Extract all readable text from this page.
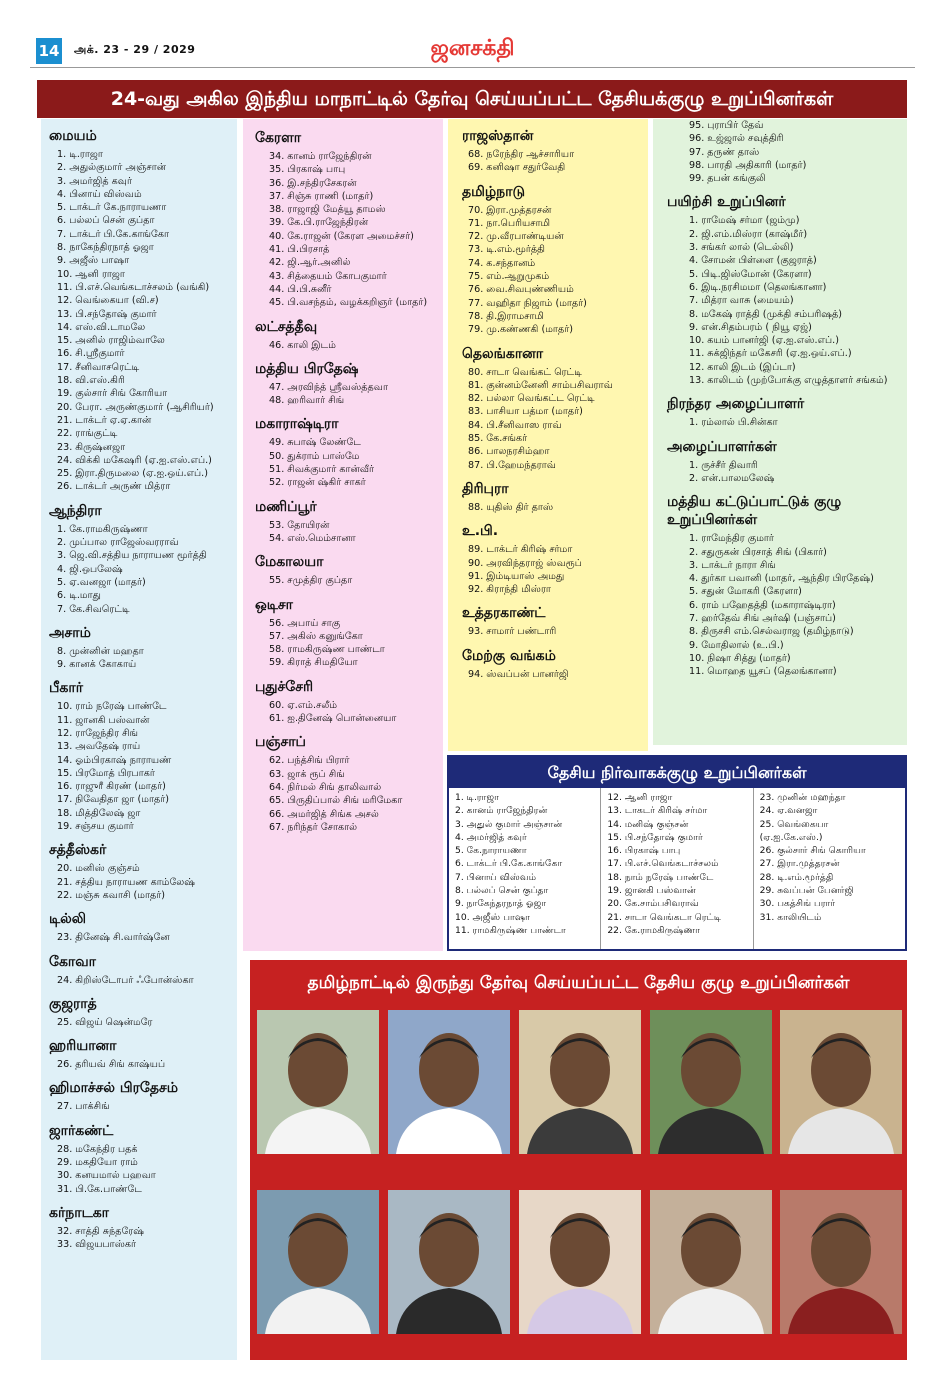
14 அக். 23 - 29 / 2029	ஜனசக்தி
24-வது அகில இந்திய மாநாட்டில் தேர்வு செய்யப்பட்ட தேசியக்குழு உறுப்பினர்கள்
மையம்
1. டி.ராஜா
2. அதுல்குமார் அஞ்சான்
3. அமர்ஜித் கவுர்
4. பினாய் விஸ்வம்
5. டாக்டர் கே.நாராயணா
6. பல்லப் சென் குப்தா
7. டாக்டர் பி.கே.காங்கோ
8. நாகேந்திரநாத் ஓஜா
9. அஜீஸ் பாஷா
10. ஆனி ராஜா
11. பி.எச்.வெங்கடாச்சலம் (வங்கி)
12. வெங்கையா (வி.ச)
13. பி.சந்தோஷ் குமார்
14. எஸ்.வி.டாமலே
15. அனில் ராஜிம்வாலே
16. சி.ஸ்ரீகுமார்
17. சீனிவாசரெட்டி
18. வி.எஸ்.கிரி
19. குல்சார் சிங் கோரியா
20. பேரா. அருண்குமார் (ஆசிரியர்)
21. டாக்டர் ஏ.ஏ.கான்
22. ராங்குட்டி
23. கிருஷ்னஜா
24. விக்கி மகேஷரி (ஏ.ஐ.எஸ்.எப்.)
25. இரா.திருமலை (ஏ.ஐ.ஒய்.எப்.)
26. டாக்டர் அருண் மித்ரா
ஆந்திரா
1. கே.ராமகிருஷ்ணா
2. முப்பால ராஜேஸ்வரராவ்
3. ஜெ.வி.சத்திய நாராயண மூர்த்தி
4. ஜி.ஒபலேஷ்
5. ஏ.வனஜா (மாதர்)
6. டி.மாது
7. கே.சிவரெட்டி
அசாம்
8. முன்னின் மஹதா
9. கானக் கோகாய்
பீகார்
10. ராம் நரேஷ் பாண்டே
11. ஜானகி பஸ்வான்
12. ராஜேந்திர சிங்
13. அவதேஷ் ராய்
14. ஓம்பிரகாஷ் நாராயண்
15. பிரமோத் பிரபாகர்
16. ராஜுரீ கிரண் (மாதர்)
17. நிவேதிதா ஜா (மாதர்)
18. மித்திலேஷ் ஜா
19. சஞ்சய குமார்
சத்தீஸ்கர்
20. மனிஸ் குஞ்சம்
21. சத்திய நாராயண காம்லேஷ்
22. மஞ்சு கவாசி (மாதர்)
டில்லி
23. தினேஷ் சி.வார்ஷ்னே
கோவா
24. கிறிஸ்டோபர் ஃபோன்ஸ்கா
குஜராத்
25. விஜய் ஷென்மரே
ஹரியானா
26. தரியவ் சிங் காஷ்யப்
ஹிமாச்சல் பிரதேசம்
27. பாக்சிங்
ஜார்கண்ட்
28. மகேந்திர பதக்
29. மகதியோ ராம்
30. கனயமால் பஹவா
31. பி.கே.பாண்டே
கர்நாடகா
32. சாத்தி சுந்தரேஷ்
33. விஜயபாஸ்கர்
கேரளா
34. கானம் ராஜேந்திரன்
35. பிரகாஷ் பாபு
36. இ.சந்திரசேகரன்
37. சிஞ்சு ராணி (மாதர்)
38. ராஜாஜி மேத்யூ தாமஸ்
39. கே.பி.ராஜேந்திரன்
40. கே.ராஜன் (கேரள அமைச்சர்)
41. பி.பிரசாத்
42. ஜி.ஆர்.அனில்
43. சித்தையம் கோபகுமார்
44. பி.பி.சுனீர்
45. பி.வசந்தம், வழக்கறிஞர் (மாதர்)
லட்சத்தீவு
46. காலி இடம்
மத்திய பிரதேஷ்
47. அரவிந்த் ஸ்ரீவஸ்த்தவா
48. ஹரிவார் சிங்
மகாராஷ்டிரா
49. சுபாஷ் லேண்டே
50. துக்ராம் பாஸ்மே
51. சிவக்குமார் கான்வீர்
52. ராஜன் ஷ்கிர் சாகர்
மணிப்பூர்
53. தோயிரன்
54. எஸ்.மெம்சானா
மேகாலயா
55. சமுத்திர குப்தா
ஒடிசா
56. அபாய் சாகு
57. அகிஸ் கனுங்கோ
58. ராமகிருஷ்ண பாண்டா
59. கிராத் சிமதியோ
புதுச்சேரி
60. ஏ.எம்.சலீம்
61. ஐ.தினேஷ் பொன்னையா
பஞ்சாப்
62. பந்த்சிங் பிரார்
63. ஜாக் ரூப் சிங்
64. நிர்மல் சிங் தாலிவால்
65. பிருதிப்பால் சிங் மரிமேகா
66. அமர்ஜித் சிங்க அசல்
67. நரிந்தர் சோகால்
ராஜஸ்தான்
68. நரேந்திர ஆச்சாரியா
69. கனிஷா சதுர்வேதி
தமிழ்நாடு
70. இரா.முத்தரசன்
71. நா.பெரியசாமி
72. மு.வீரபாண்டியன்
73. டி.எம்.மூர்த்தி
74. க.சந்தானம்
75. எம்.ஆறுமுகம்
76. வை.சிவபுண்ணியம்
77. வஹிதா நிஜாம் (மாதர்)
78. தி.இராமசாமி
79. மு.கண்ணகி (மாதர்)
தெலங்கானா
80. சாடா வெங்கட் ரெட்டி
81. குன்னம்னேனி சாம்பசிவராவ்
82. பல்லா வெங்கட்ட ரெட்டி
83. பாசியா பத்மா (மாதர்)
84. பி.சீனிவாஸ ராவ்
85. கே.சங்கர்
86. பாலநரசிம்ஹா
87. பி.ஹேமந்தராவ்
திரிபுரா
88. யுதிஸ் திர் தாஸ்
உ.பி.
89. டாக்டர் கிரிஷ் சர்மா
90. அரவிந்தராஜ் ஸ்வரூப்
91. இம்டியாஸ் அமது
92. கிராந்தி மிஸ்ரா
உத்தரகாண்ட்
93. சாமார் பண்டாரி
மேற்கு வங்கம்
94. ஸ்வப்பன் பானர்ஜி
95. புராபிர் தேவ்
96. உஜ்ஜால் சவுத்திரி
97. தருண் தாஸ்
98. பாரதி அதிகாரி (மாதர்)
99. தபன் கங்குலி
பயிற்சி உறுப்பினர்
1. ராமேஷ் சர்மா (ஜம்மு)
2. ஜி.எம்.மிஸ்ரா (காஷ்மீர்)
3. சங்கர் லால் (டெல்லி)
4. சோமன் பிள்ளை (குஜராத்)
5. பிடி.ஜிஸ்மோன் (கேரளா)
6. இடி.நரசிமமா (தெலங்கானா)
7. மித்ரா வாசு (மையம்)
8. மகேஷ் ராத்தி (முக்தி சம்பரிஷத்)
9. என்.சிதம்பரம் ( நியூ ஏஜ்)
10. கயம் பானர்ஜி (ஏ.ஐ.எஸ்.எப்.)
11. சுக்ஜிந்தர் மகேசரி (ஏ.ஐ.ஒய்.எப்.)
12. காலி இடம் (இப்டா)
13. காலிடம் (முற்போக்கு எழுத்தாளர் சங்கம்)
நிரந்தர அழைப்பாளர்
1. ரம்லால் பி.சின்கா
அழைப்பாளர்கள்
1. ருச்சீர் திவாரி
2. என்.பாலமலேஷ்
மத்திய கட்டுப்பாட்டுக் குழு உறுப்பினர்கள்
1. ராமேந்திர குமார்
2. சதுருகன் பிரசாத் சிங் (பிகார்)
3. டாக்டர் நாரா சிங்
4. துர்கா பவானி (மாதர், ஆந்திர பிரதேஷ்)
5. சதுன் மோகரி (கேரளா)
6. ராம் பஹேதத்தி (மகாராஷ்டிரா)
7. ஹர்தேவ் சிங் அர்ஷி (பஞ்சாப்)
8. திருசசி எம்.செல்வராஜ (தமிழ்நாடு)
9. மோதிலால் (உ.பி.)
10. நிஷா சித்து (மாதர்)
11. மொஹத யூசப் (தெலங்கானா)
தேசிய நிர்வாகக்குழு உறுப்பினர்கள்
1. டி.ராஜா
2. கானம் ராஜேந்திரன்
3. அதுல் குமார் அஞ்சான்
4. அமர்ஜித் கவுர்
5. கே.நாராயணா
6. டாக்டர் பி.கே.காங்கோ
7. பினாய் விஸ்வம்
8. பல்லப் சென் குப்தா
9. நாகேந்தரநாத் ஓஜா
10. அஜீஸ் பாஷா
11. ராமகிருஷ்ண பாண்டா
12. ஆனி ராஜா
13. டாகடர் கிரிஷ் சர்மா
14. மனிஷ் குஞ்சன்
15. பி.சந்தோஷ் குமார்
16. பிரகாஷ் பாபு
17. பி.எச்.வெங்கடாச்சலம்
18. நாம் நரேஷ் பாண்டே
19. ஜானகி பஸ்வான்
20. கே.சாம்பசிவராவ்
21. சாடா வெங்கடா ரெட்டி
22. கே.ராமகிருஷ்ணா
23. முனின் மஹந்தா
24. ஏ.வனஜா
25. வெங்கையா
(ஏ.ஐ.கே.எஸ்.)
26. குல்சார் சிங் கொரியா
27. இரா.முத்தரசன்
28. டி.எம்.மூர்த்தி
29. சுவப்பன் பேனர்ஜி
30. பகத்சிங் பரார்
31. காலியிடம்
தமிழ்நாட்டில் இருந்து தேர்வு செய்யப்பட்ட தேசிய குழு உறுப்பினர்கள்
